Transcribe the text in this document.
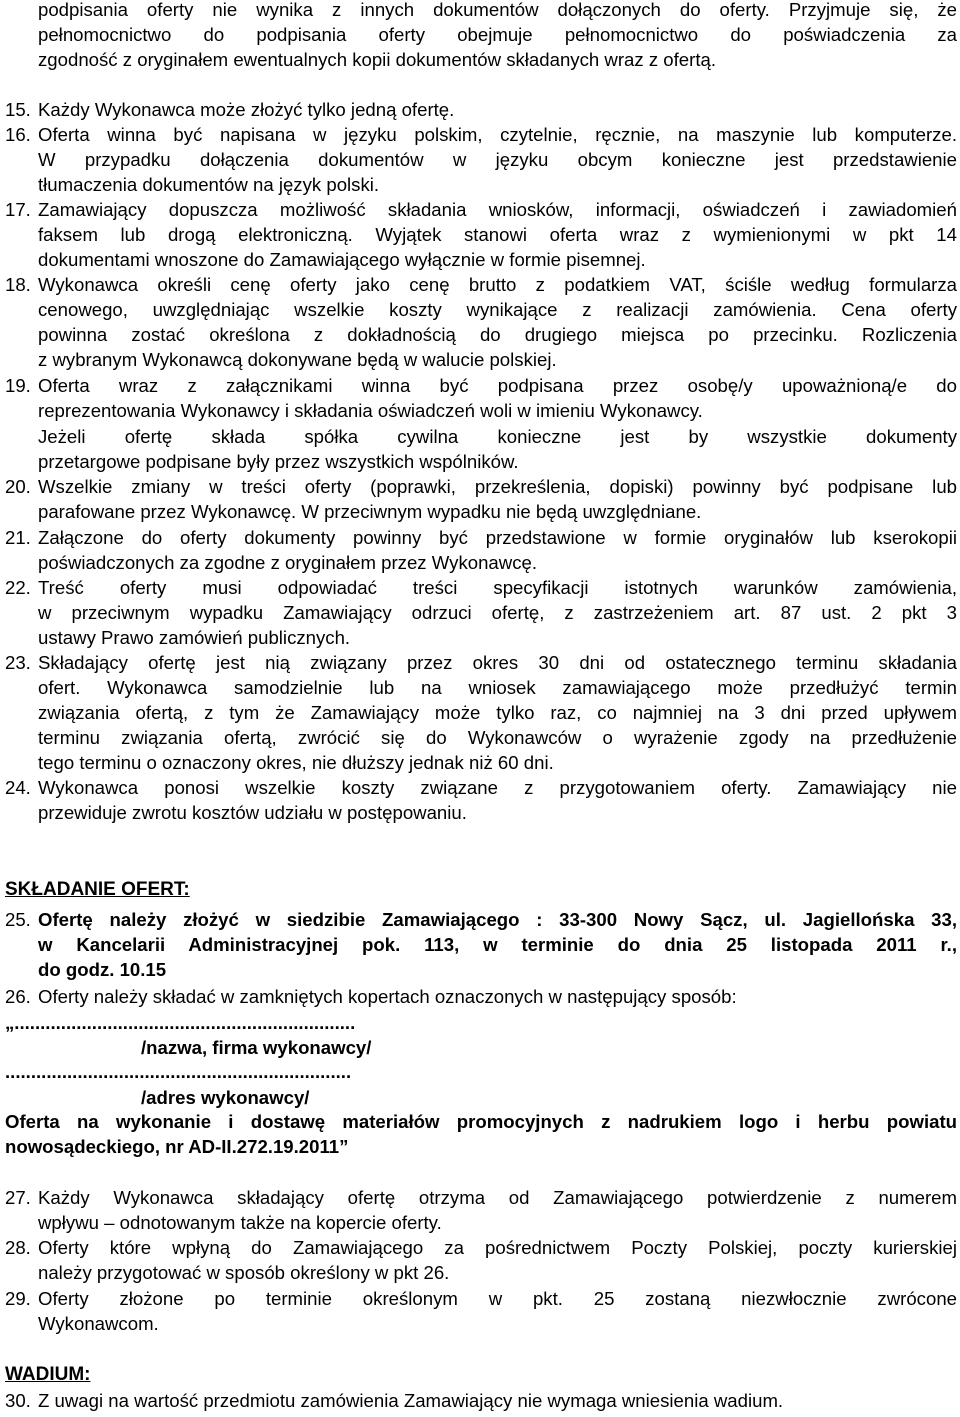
podpisania oferty nie wynika z innych dokumentów dołączonych do oferty. Przyjmuje się, że
pełnomocnictwo do podpisania oferty obejmuje pełnomocnictwo do poświadczenia za
zgodność z oryginałem ewentualnych kopii dokumentów składanych wraz z ofertą.
15. Każdy Wykonawca może złożyć tylko jedną ofertę.
16. Oferta winna być napisana w języku polskim, czytelnie, ręcznie, na maszynie lub komputerze.
W przypadku dołączenia dokumentów w języku obcym konieczne jest przedstawienie
tłumaczenia dokumentów na język polski.
17. Zamawiający dopuszcza możliwość składania wniosków, informacji, oświadczeń i zawiadomień
faksem lub drogą elektroniczną. Wyjątek stanowi oferta wraz z wymienionymi w pkt 14
dokumentami wnoszone do Zamawiającego wyłącznie w formie pisemnej.
18. Wykonawca określi cenę oferty jako cenę brutto z podatkiem VAT, ściśle według formularza
cenowego, uwzględniając wszelkie koszty wynikające z realizacji zamówienia. Cena oferty
powinna zostać określona z dokładnością do drugiego miejsca po przecinku. Rozliczenia
z wybranym Wykonawcą dokonywane będą w walucie polskiej.
19. Oferta wraz z załącznikami winna być podpisana przez osobę/y upoważnioną/e do
reprezentowania Wykonawcy i składania oświadczeń woli w imieniu Wykonawcy.
Jeżeli ofertę składa spółka cywilna konieczne jest by wszystkie dokumenty
przetargowe podpisane były przez wszystkich wspólników.
20. Wszelkie zmiany w treści oferty (poprawki, przekreślenia, dopiski) powinny być podpisane lub
parafowane przez Wykonawcę. W przeciwnym wypadku nie będą uwzględniane.
21. Załączone do oferty dokumenty powinny być przedstawione w formie oryginałów lub kserokopii
poświadczonych za zgodne z oryginałem przez Wykonawcę.
22. Treść oferty musi odpowiadać treści specyfikacji istotnych warunków zamówienia,
w przeciwnym wypadku Zamawiający odrzuci ofertę, z zastrzeżeniem art. 87 ust. 2 pkt 3
ustawy Prawo zamówień publicznych.
23. Składający ofertę jest nią związany przez okres 30 dni od ostatecznego terminu składania
ofert. Wykonawca samodzielnie lub na wniosek zamawiającego może przedłużyć termin
związania ofertą, z tym że Zamawiający może tylko raz, co najmniej na 3 dni przed upływem
terminu związania ofertą, zwrócić się do Wykonawców o wyrażenie zgody na przedłużenie
tego terminu o oznaczony okres, nie dłuższy jednak niż 60 dni.
24. Wykonawca ponosi wszelkie koszty związane z przygotowaniem oferty. Zamawiający nie
przewiduje zwrotu kosztów udziału w postępowaniu.
SKŁADANIE OFERT:
25. Ofertę należy złożyć w siedzibie Zamawiającego : 33-300 Nowy Sącz, ul. Jagiellońska 33,
w Kancelarii Administracyjnej pok. 113, w terminie do dnia 25 listopada 2011 r.,
do godz. 10.15
26. Oferty należy składać w zamkniętych kopertach oznaczonych w następujący sposób:
„..................................................................
/nazwa, firma wykonawcy/
...................................................................
/adres wykonawcy/
Oferta na wykonanie i dostawę materiałów promocyjnych z nadrukiem logo i herbu powiatu
nowosądeckiego, nr AD-II.272.19.2011”
27. Każdy Wykonawca składający ofertę otrzyma od Zamawiającego potwierdzenie z numerem
wpływu – odnotowanym także na kopercie oferty.
28. Oferty które wpłyną do Zamawiającego za pośrednictwem Poczty Polskiej, poczty kurierskiej
należy przygotować w sposób określony w pkt 26.
29. Oferty złożone po terminie określonym w pkt. 25 zostaną niezwłocznie zwrócone
Wykonawcom.
WADIUM:
30. Z uwagi na wartość przedmiotu zamówienia Zamawiający nie wymaga wniesienia wadium.
